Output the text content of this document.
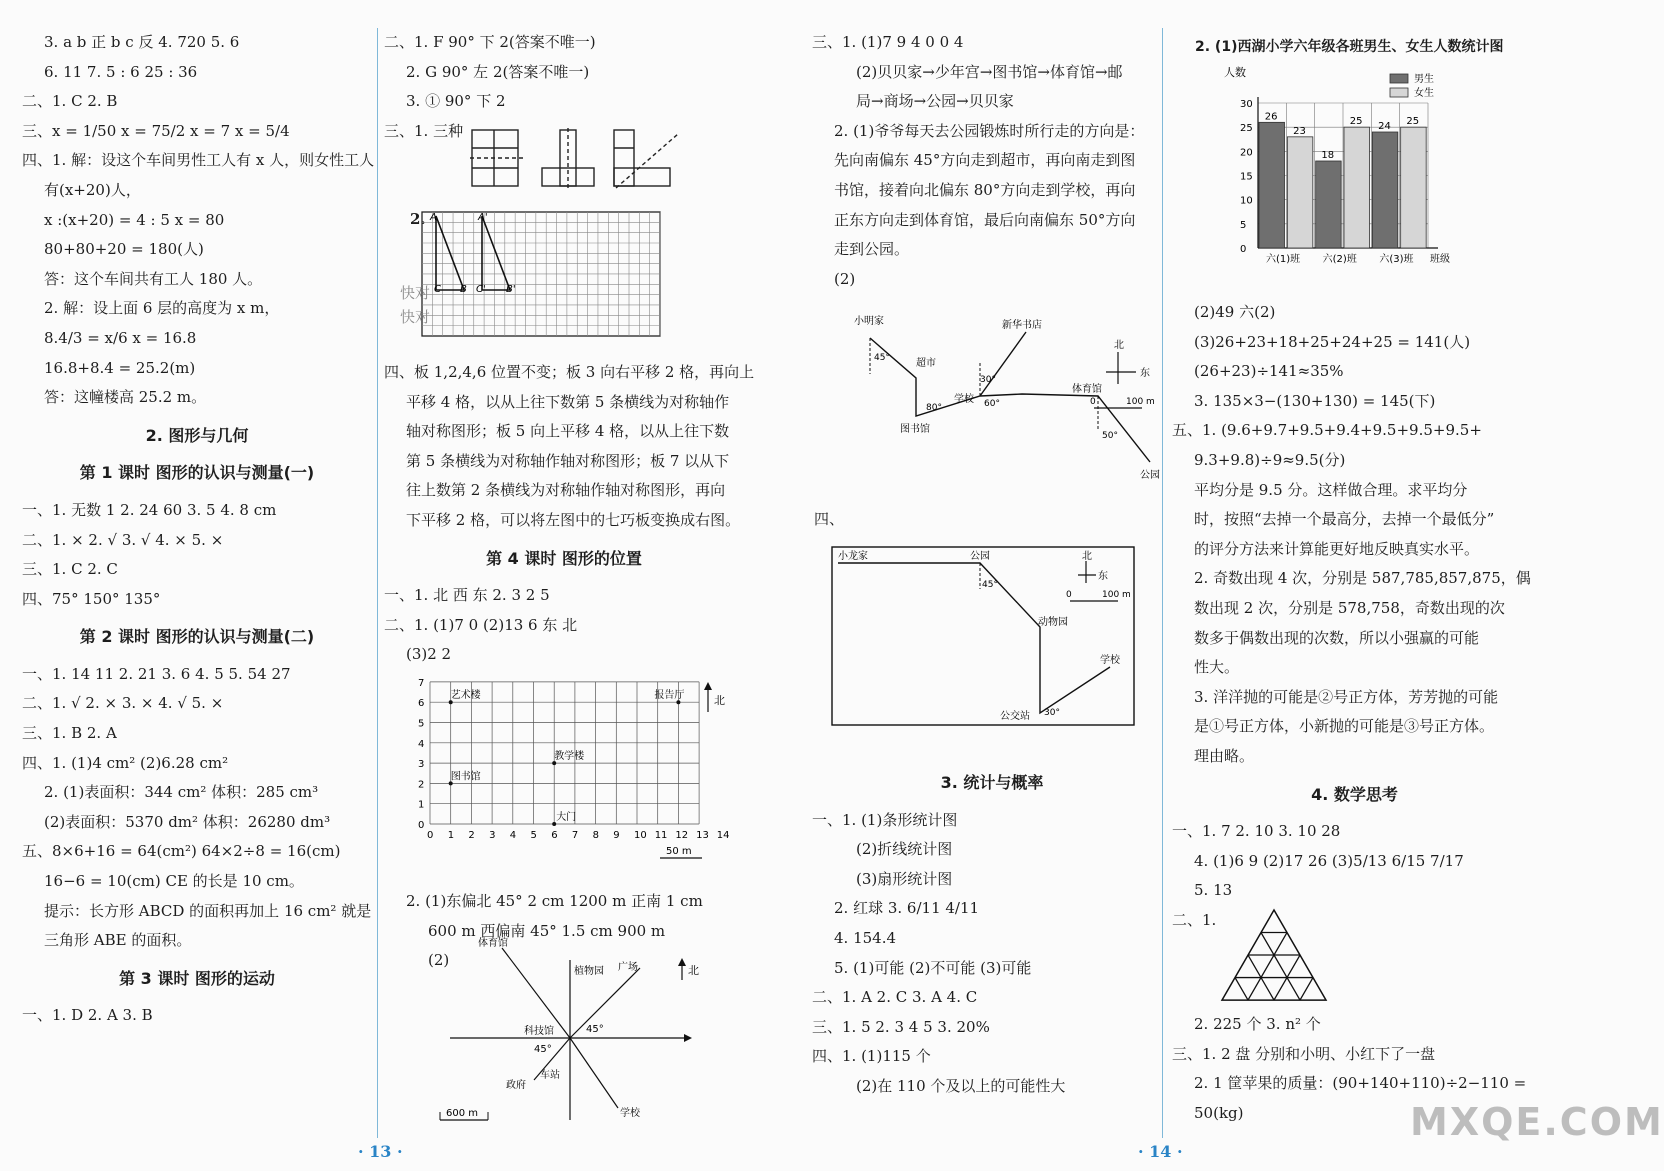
3. a b 正 b c 反 4. 720 5. 6
6. 11 7. 5 : 6 25 : 36
二、1. C 2. B
三、x = 1/50 x = 75/2 x = 7 x = 5/4
四、1. 解：设这个车间男性工人有 x 人，则女性工人
有(x+20)人，
x :(x+20) = 4 : 5 x = 80
80+80+20 = 180(人)
答：这个车间共有工人 180 人。
2. 解：设上面 6 层的高度为 x m，
8.4/3 = x/6 x = 16.8
16.8+8.4 = 25.2(m)
答：这幢楼高 25.2 m。
2. 图形与几何
第 1 课时 图形的认识与测量(一)
一、1. 无数 1 2. 24 60 3. 5 4. 8 cm
二、1. × 2. √ 3. √ 4. × 5. ×
三、1. C 2. C
四、75° 150° 135°
第 2 课时 图形的认识与测量(二)
一、1. 14 11 2. 21 3. 6 4. 5 5. 54 27
二、1. √ 2. × 3. × 4. √ 5. ×
三、1. B 2. A
四、1. (1)4 cm² (2)6.28 cm²
2. (1)表面积：344 cm² 体积：285 cm³
(2)表面积：5370 dm² 体积：26280 dm³
五、8×6+16 = 64(cm²) 64×2÷8 = 16(cm)
16−6 = 10(cm) CE 的长是 10 cm。
提示：长方形 ABCD 的面积再加上 16 cm² 就是
三角形 ABE 的面积。
第 3 课时 图形的运动
一、1. D 2. A 3. B
二、1. F 90° 下 2(答案不唯一)
2. G 90° 左 2(答案不唯一)
3. ① 90° 下 2
三、1. 三种
2. A	A'
B
C	B'
C'
快对
快对
四、板 1,2,4,6 位置不变；板 3 向右平移 2 格，再向上
平移 4 格，以从上往下数第 5 条横线为对称轴作
轴对称图形；板 5 向上平移 4 格，以从上往下数
第 5 条横线为对称轴作轴对称图形；板 7 以从下
往上数第 2 条横线为对称轴作轴对称图形，再向
下平移 2 格，可以将左图中的七巧板变换成右图。
第 4 课时 图形的位置
一、1. 北 西 东 2. 3 2 5
二、1. (1)7 0 (2)13 6 东 北
(3)2 2
0 1 2 3 4 5 6 7 8 9 10 11 12 13 14
0
1
2
3
4
5
6
7
艺术楼	报告厅
教学楼
图书馆
大门
北
50 m
2. (1)东偏北 45° 2 cm 1200 m 正南 1 cm
600 m 西偏南 45° 1.5 cm 900 m
(2)
体育馆
植物园 广场
科技馆
政府
车站
学校
45°
45°
北
600 m
· 13 ·
三、1. (1)7 9 4 0 0 4
(2)贝贝家→少年宫→图书馆→体育馆→邮
局→商场→公园→贝贝家
2. (1)爷爷每天去公园锻炼时所行走的方向是：
先向南偏东 45°方向走到超市，再向南走到图
书馆，接着向北偏东 80°方向走到学校，再向
正东方向走到体育馆，最后向南偏东 50°方向
走到公园。
(2)
小明家
超市
新华书店
学校
体育馆
图书馆
公园
45°
30°
80°	60°
50°
北
东
0	100 m
四、
小龙家	公园
动物园
学校
公交站
45°
30°
北
东
0	100 m
3. 统计与概率
一、1. (1)条形统计图
(2)折线统计图
(3)扇形统计图
2. 红球 3. 6/11 4/11
4. 154.4
5. (1)可能 (2)不可能 (3)可能
二、1. A 2. C 3. A 4. C
三、1. 5 2. 3 4 5 3. 20%
四、1. (1)115 个
(2)在 110 个及以上的可能性大
2. (1)西湖小学六年级各班男生、女生人数统计图
人数
0
5
10
15
20
25
30
26
23
六(1)班
18
25
六(2)班
24 25
六(3)班 班级
男生
女生
(2)49 六(2)
(3)26+23+18+25+24+25 = 141(人)
(26+23)÷141≈35%
3. 135×3−(130+130) = 145(下)
五、1. (9.6+9.7+9.5+9.4+9.5+9.5+9.5+
9.3+9.8)÷9≈9.5(分)
平均分是 9.5 分。这样做合理。求平均分
时，按照“去掉一个最高分，去掉一个最低分”
的评分方法来计算能更好地反映真实水平。
2. 奇数出现 4 次，分别是 587,785,857,875，偶
数出现 2 次，分别是 578,758，奇数出现的次
数多于偶数出现的次数，所以小强赢的可能
性大。
3. 洋洋抛的可能是②号正方体，芳芳抛的可能
是①号正方体，小新抛的可能是③号正方体。
理由略。
4. 数学思考
一、1. 7 2. 10 3. 10 28
4. (1)6 9 (2)17 26 (3)5/13 6/15 7/17
5. 13
二、1.
2. 225 个 3. n² 个
三、1. 2 盘 分别和小明、小红下了一盘
2. 1 筐苹果的质量：(90+140+110)÷2−110 =
50(kg)
· 14 ·
MXQE.COM
